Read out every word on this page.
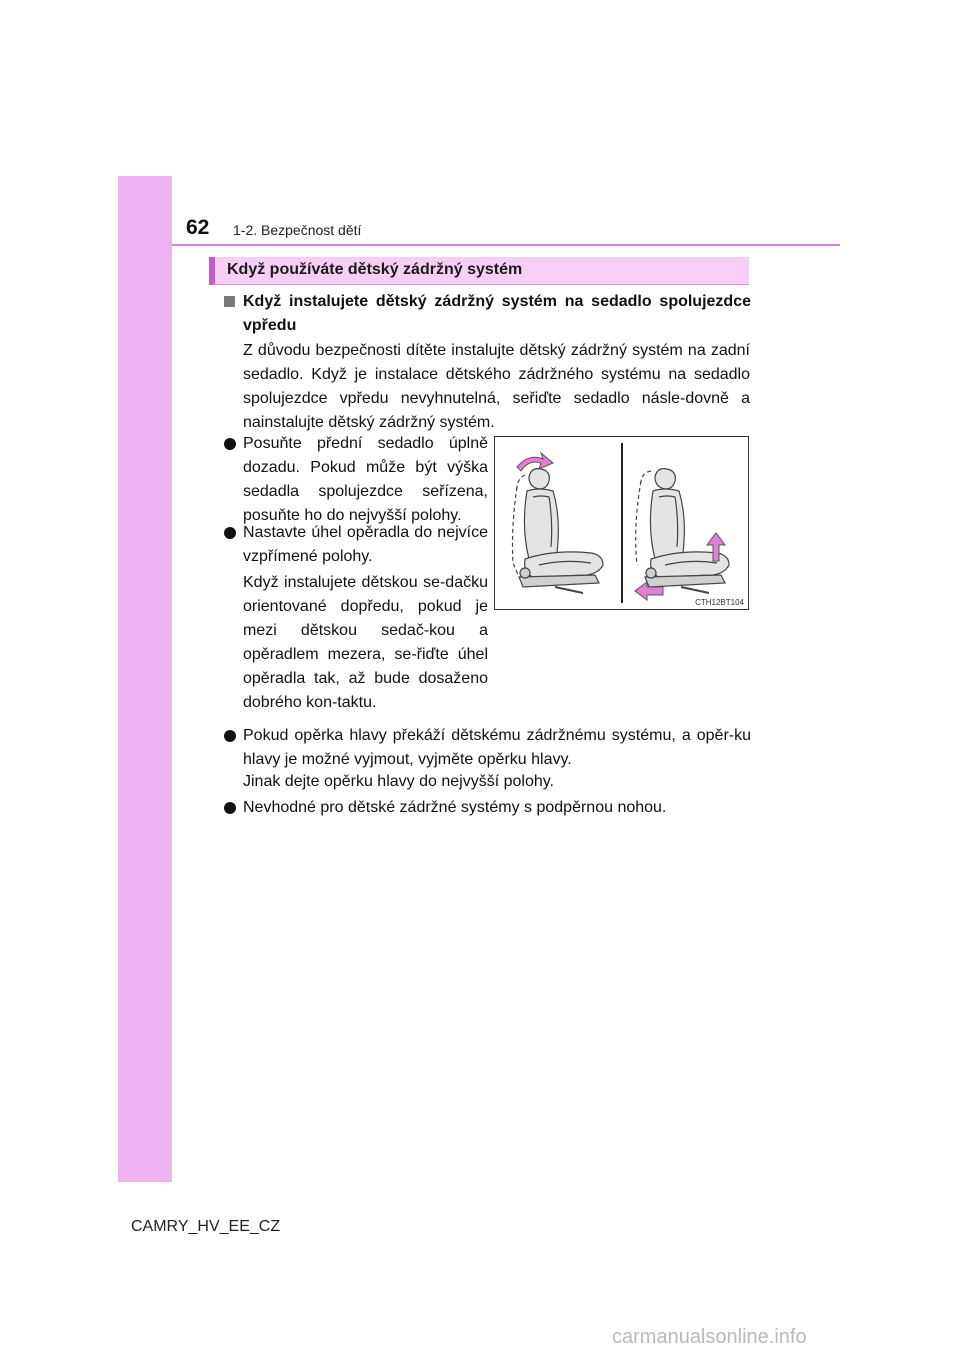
62 1-2. Bezpečnost dětí
Když používáte dětský zádržný systém
Když instalujete dětský zádržný systém na sedadlo spolujezdce vpředu
Z důvodu bezpečnosti dítěte instalujte dětský zádržný systém na zadní sedadlo. Když je instalace dětského zádržného systému na sedadlo spolujezdce vpředu nevyhnutelná, seřiďte sedadlo násle-dovně a nainstalujte dětský zádržný systém.
Posuňte přední sedadlo úplně dozadu. Pokud může být výška sedadla spolujezdce seřízena, posuňte ho do nejvyšší polohy.
Nastavte úhel opěradla do nejvíce vzpřímené polohy.
Když instalujete dětskou se-dačku orientované dopředu, pokud je mezi dětskou sedač-kou a opěradlem mezera, se-řiďte úhel opěradla tak, až bude dosaženo dobrého kon-taktu.
Pokud opěrka hlavy překáží dětskému zádržnému systému, a opěr-ku hlavy je možné vyjmout, vyjměte opěrku hlavy.
Jinak dejte opěrku hlavy do nejvyšší polohy.
Nevhodné pro dětské zádržné systémy s podpěrnou nohou.
CTH12BT104
CAMRY_HV_EE_CZ
carmanualsonline.info
